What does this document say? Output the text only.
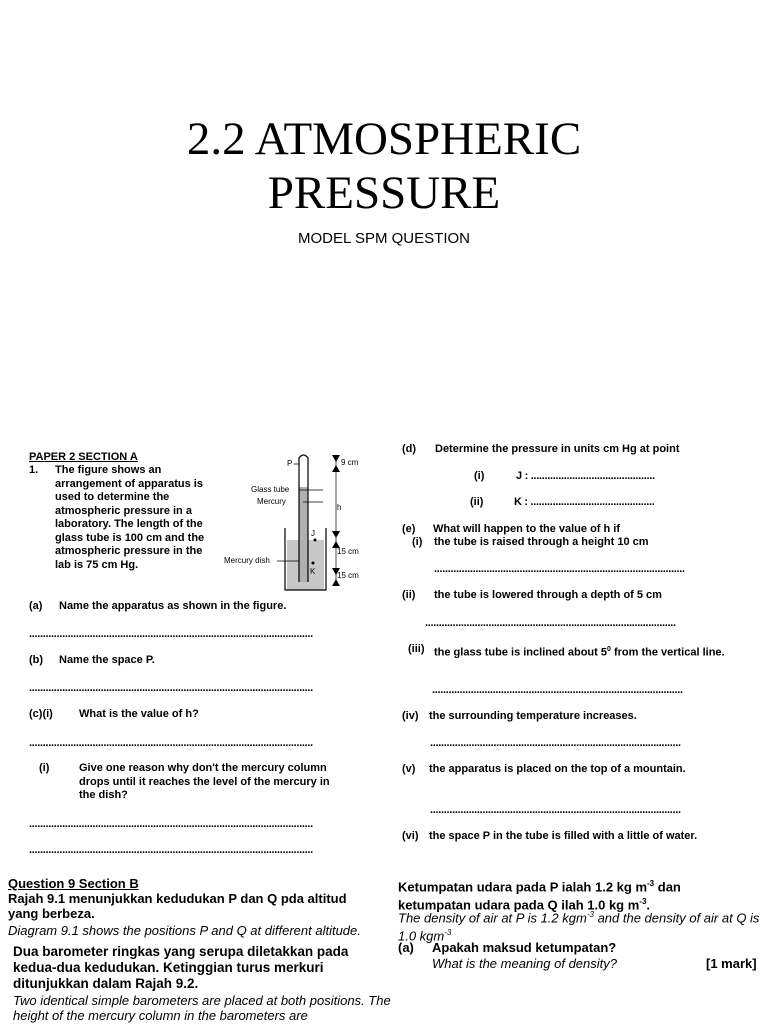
2.2 ATMOSPHERIC
PRESSURE
MODEL SPM QUESTION
PAPER 2 SECTION A
1. The figure shows an arrangement of apparatus is used to determine the atmospheric pressure in a laboratory. The length of the glass tube is 100 cm and the atmospheric pressure in the lab is 75 cm Hg.
P
Glass tube
Mercury
Mercury dish
J
K
9 cm
h
15 cm
15 cm
(a) Name the apparatus as shown in the figure.
.......................................................................................................
(b) Name the space P.
.......................................................................................................
(c)(i) What is the value of h?
.......................................................................................................
(i)	Give one reason why don't the mercury column drops until it reaches the level of the mercury in the dish?
.......................................................................................................
.......................................................................................................
(d) Determine the pressure in units cm Hg at point
(i)	J : .............................................
(ii)	K : .............................................
(e) What will happen to the value of h if
(i) the tube is raised through a height 10 cm
...........................................................................................
(ii) the tube is lowered through a depth of 5 cm
...........................................................................................
(iii) the glass tube is inclined about $5^0$ from the vertical line.
...........................................................................................
(iv) the surrounding temperature increases.
...........................................................................................
(v) the apparatus is placed on the top of a mountain.
...........................................................................................
(vi) the space P in the tube is filled with a little of water.
Question 9 Section B
Rajah 9.1 menunjukkan kedudukan P dan Q pda altitud yang berbeza.
Diagram 9.1 shows the positions P and Q at different altitude.
Dua barometer ringkas yang serupa diletakkan pada kedua-dua kedudukan. Ketinggian turus merkuri ditunjukkan dalam Rajah 9.2.
Two identical simple barometers are placed at both positions. The height of the mercury column in the barometers are
Ketumpatan udara pada P ialah 1.2 kg $m^{-3}$ dan ketumpatan udara pada Q ilah 1.0 kg $m^{-3}$.
The density of air at P is 1.2 kgm$^{-3}$ and the density of air at Q is 1.0 kgm$^{-3}$
(a) Apakah maksud ketumpatan?
What is the meaning of density?	[1 mark]
